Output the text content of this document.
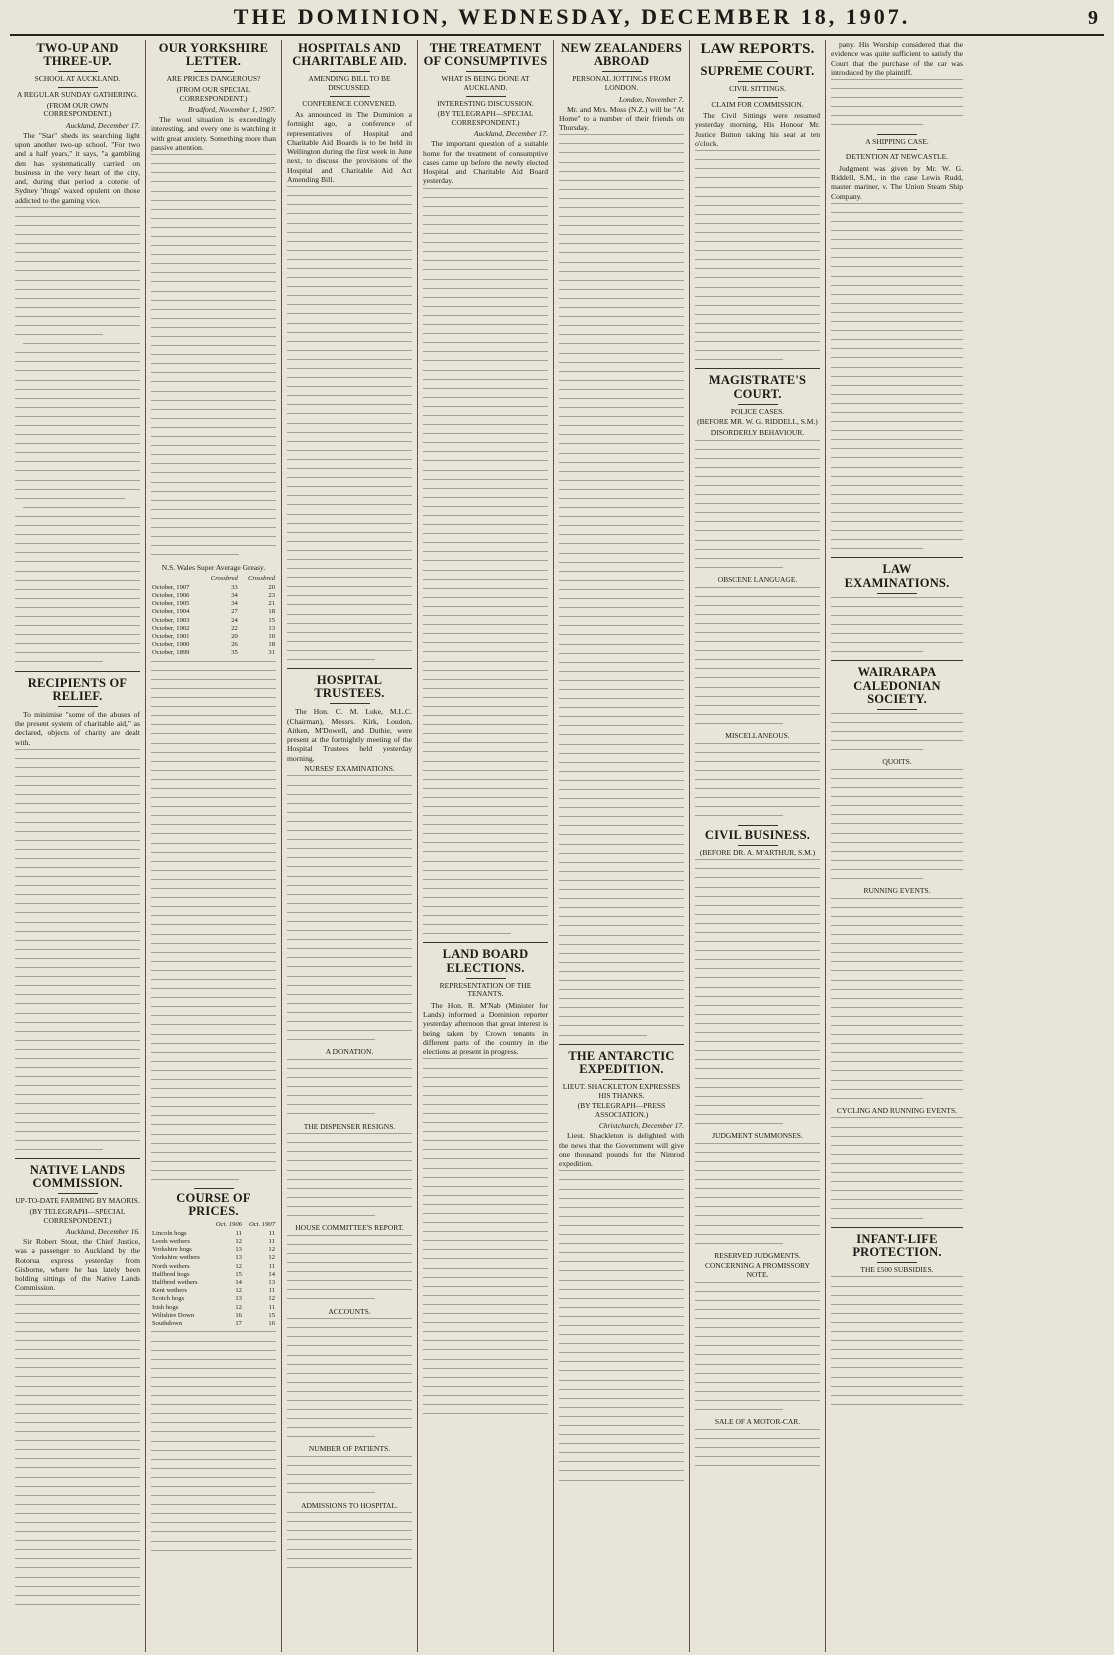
THE DOMINION, WEDNESDAY, DECEMBER 18, 1907.	9
TWO-UP AND THREE-UP.
SCHOOL AT AUCKLAND.
A REGULAR SUNDAY GATHERING.
(FROM OUR OWN CORRESPONDENT.)
Auckland, December 17.

The "Star" sheds its searching light upon another two-up school. "For two and a half years," it says, "a gambling den has systematically carried on business in the very heart of the city, and, during that period a coterie of Sydney 'thugs' waxed opulent on those addicted to the gaming vice.

RECIPIENTS OF RELIEF.

To minimise "some of the abuses of the present system of charitable aid," as declared, objects of charity are dealt with.

NATIVE LANDS COMMISSION.
UP-TO-DATE FARMING BY MAORIS.
(BY TELEGRAPH—SPECIAL CORRESPONDENT.)
Auckland, December 16.

Sir Robert Stout, the Chief Justice, was a passenger to Auckland by the Rotorua express yesterday from Gisborne, where he has lately been holding sittings of the Native Lands Commission.

OUR YORKSHIRE LETTER.
ARE PRICES DANGEROUS?
(FROM OUR SPECIAL CORRESPONDENT.)
Bradford, November 1, 1907.

The wool situation is exceedingly interesting, and every one is watching it with great anxiety. Something more than passive attention.

N.S. Wales Super Average Greasy.
	Crossbred	Crossbred
October, 1907	33	20
October, 1906	34	23
October, 1905	34	21
October, 1904	27	18
October, 1903	24	15
October, 1902	22	13
October, 1901	20	10
October, 1900	26	18
October, 1899	35	31
COURSE OF PRICES.
	Oct. 1906	Oct. 1907
Lincoln hogs	11	11
Leeds wethers	12	11
Yorkshire hogs	13	12
Yorkshire wethers	13	12
North wethers	12	11
Halfbred hogs	15	14
Halfbred wethers	14	13
Kent wethers	12	11
Scotch hogs	13	12
Irish hogs	12	11
Wiltshire Down	16	15
Southdown	17	16
HOSPITALS AND CHARITABLE AID.
AMENDING BILL TO BE DISCUSSED.
CONFERENCE CONVENED.

As announced in The Dominion a fortnight ago, a conference of representatives of Hospital and Charitable Aid Boards is to be held in Wellington during the first week in June next, to discuss the provisions of the Hospital and Charitable Aid Act Amending Bill.

HOSPITAL TRUSTEES.

The Hon. C. M. Luke, M.L.C. (Chairman), Messrs. Kirk, Loudon, Aitken, M'Dowell, and Duthie, were present at the fortnightly meeting of the Hospital Trustees held yesterday morning.

NURSES' EXAMINATIONS.
A DONATION.
THE DISPENSER RESIGNS.
HOUSE COMMITTEE'S REPORT.
ACCOUNTS.
NUMBER OF PATIENTS.
ADMISSIONS TO HOSPITAL.
THE TREATMENT OF CONSUMPTIVES
WHAT IS BEING DONE AT AUCKLAND.
INTERESTING DISCUSSION.
(BY TELEGRAPH—SPECIAL CORRESPONDENT.)
Auckland, December 17.

The important question of a suitable home for the treatment of consumptive cases came up before the newly elected Hospital and Charitable Aid Board yesterday.

LAND BOARD ELECTIONS.
REPRESENTATION OF THE TENANTS.

The Hon. R. M'Nab (Minister for Lands) informed a Dominion reporter yesterday afternoon that great interest is being taken by Crown tenants in different parts of the country in the elections at present in progress.

NEW ZEALANDERS ABROAD
PERSONAL JOTTINGS FROM LONDON.
London, November 7.

Mr. and Mrs. Moss (N.Z.) will be "At Home" to a number of their friends on Thursday.

THE ANTARCTIC EXPEDITION.
LIEUT. SHACKLETON EXPRESSES HIS THANKS.
(BY TELEGRAPH—PRESS ASSOCIATION.)
Christchurch, December 17.

Lieut. Shackleton is delighted with the news that the Government will give one thousand pounds for the Nimrod expedition.

LAW REPORTS.
SUPREME COURT.
CIVIL SITTINGS.
CLAIM FOR COMMISSION.

The Civil Sittings were resumed yesterday morning, His Honour Mr. Justice Button taking his seat at ten o'clock.

MAGISTRATE'S COURT.
POLICE CASES.
(BEFORE MR. W. G. RIDDELL, S.M.)
DISORDERLY BEHAVIOUR.
OBSCENE LANGUAGE.
MISCELLANEOUS.
CIVIL BUSINESS.
(BEFORE DR. A. M'ARTHUR, S.M.)
JUDGMENT SUMMONSES.
RESERVED JUDGMENTS.
CONCERNING A PROMISSORY NOTE.
SALE OF A MOTOR-CAR.

pany. His Worship considered that the evidence was quite sufficient to satisfy the Court that the purchase of the car was introduced by the plaintiff.

A SHIPPING CASE.
DETENTION AT NEWCASTLE.

Judgment was given by Mr. W. G. Riddell, S.M., in the case Lewis Rudd, master mariner, v. The Union Steam Ship Company.

LAW EXAMINATIONS.
WAIRARAPA CALEDONIAN SOCIETY.
QUOITS.
RUNNING EVENTS.
CYCLING AND RUNNING EVENTS.
INFANT-LIFE PROTECTION.
THE £500 SUBSIDIES.
